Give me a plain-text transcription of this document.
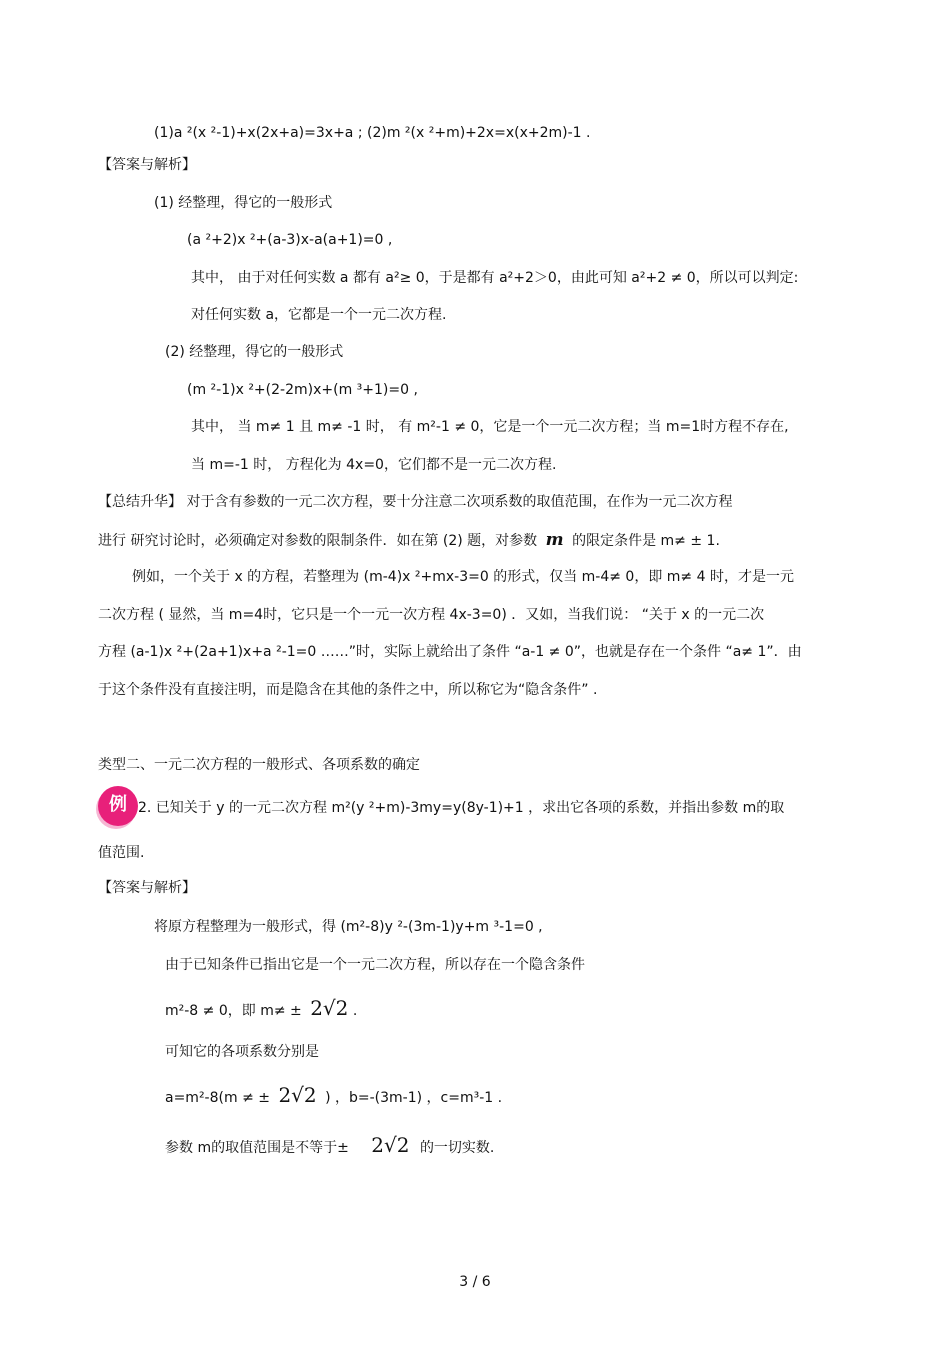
(1)a ²(x ²-1)+x(2x+a)=3x+a ; (2)m ²(x ²+m)+2x=x(x+2m)-1 .
【答案与解析】
(1) 经整理，得它的一般形式
(a ²+2)x ²+(a-3)x-a(a+1)=0 ,
其中， 由于对任何实数 a 都有 a²≥ 0，于是都有 a²+2＞0，由此可知 a²+2 ≠ 0，所以可以判定:
对任何实数 a，它都是一个一元二次方程.
(2) 经整理，得它的一般形式
(m ²-1)x ²+(2-2m)x+(m ³+1)=0 ,
其中， 当 m≠ 1 且 m≠ -1 时， 有 m²-1 ≠ 0，它是一个一元二次方程；当 m=1时方程不存在,
当 m=-1 时， 方程化为 4x=0，它们都不是一元二次方程.
【总结升华】 对于含有参数的一元二次方程，要十分注意二次项系数的取值范围，在作为一元二次方程
进行 研究讨论时，必须确定对参数的限制条件．如在第 (2) 题，对参数 m 的限定条件是 m≠ ± 1.
例如，一个关于 x 的方程，若整理为 (m-4)x ²+mx-3=0 的形式，仅当 m-4≠ 0，即 m≠ 4 时，才是一元
二次方程 ( 显然，当 m=4时，它只是一个一元一次方程 4x-3=0) ．又如，当我们说： “关于 x 的一元二次
方程 (a-1)x ²+(2a+1)x+a ²-1=0 ……”时，实际上就给出了条件 “a-1 ≠ 0”，也就是存在一个条件 “a≠ 1”．由
于这个条件没有直接注明，而是隐含在其他的条件之中，所以称它为“隐含条件” .
类型二、一元二次方程的一般形式、各项系数的确定
例 2. 已知关于 y 的一元二次方程 m²(y ²+m)-3my=y(8y-1)+1 ，求出它各项的系数，并指出参数 m的取
值范围.
【答案与解析】
将原方程整理为一般形式，得 (m²-8)y ²-(3m-1)y+m ³-1=0 ,
由于已知条件已指出它是一个一元二次方程，所以存在一个隐含条件
m²-8 ≠ 0，即 m≠ ± 2√2 .
可知它的各项系数分别是
a=m²-8(m ≠ ± 2√2 ) ，b=-(3m-1) ，c=m³-1 .
参数 m的取值范围是不等于± 2√2 的一切实数.
3 / 6
